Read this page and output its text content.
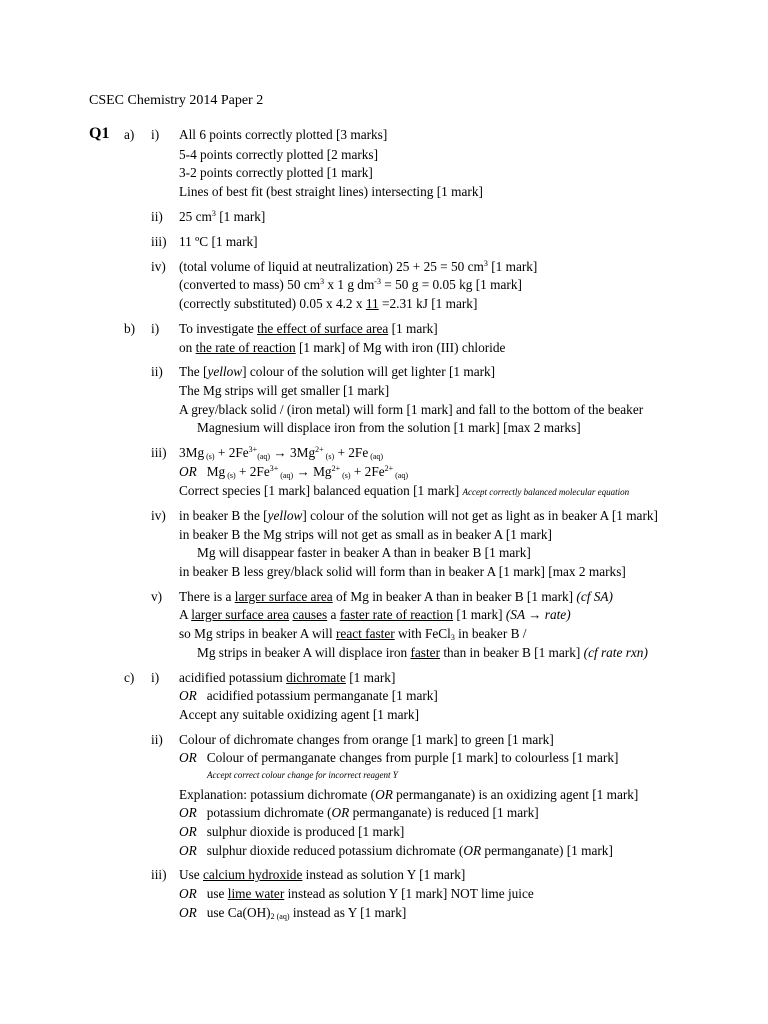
CSEC Chemistry 2014 Paper 2
Q1 a) i) All 6 points correctly plotted [3 marks]
5-4 points correctly plotted [2 marks]
3-2 points correctly plotted [1 mark]
Lines of best fit (best straight lines) intersecting [1 mark]
ii) 25 $cm^3$ [1 mark]
iii) 11 ºC [1 mark]
iv) (total volume of liquid at neutralization) 25 + 25 = 50 $cm^3$ [1 mark]
(converted to mass) 50 $cm^3$ x 1 g $dm^{-3} = 50$ g = 0.05 kg [1 mark]
(correctly substituted) 0.05 x 4.2 x 11 =2.31 kJ [1 mark]
b) i) To investigate the effect of surface area [1 mark]
on the rate of reaction [1 mark] of Mg with iron (III) chloride
ii) The [yellow] colour of the solution will get lighter [1 mark]
The Mg strips will get smaller [1 mark]
A grey/black solid / (iron metal) will form [1 mark] and fall to the bottom of the beaker
Magnesium will displace iron from the solution [1 mark] [max 2 marks]
iii) 3Mg $_{(s)} + 2Fe^{3+}_{(aq)} \to 3Mg^{2+}$ $_{(s)}$ + 2Fe $_{(aq)}$
OR   Mg $_{(s)} + 2Fe^{3+}$ $_{(aq)} \to Mg^{2+}$ $_{(s)} + 2Fe^{2+}$ $_{(aq)}$
Correct species [1 mark] balanced equation [1 mark] Accept correctly balanced molecular equation
iv) in beaker B the [yellow] colour of the solution will not get as light as in beaker A [1 mark]
in beaker B the Mg strips will not get as small as in beaker A [1 mark]
Mg will disappear faster in beaker A than in beaker B [1 mark]
in beaker B less grey/black solid will form than in beaker A [1 mark] [max 2 marks]
v) There is a larger surface area of Mg in beaker A than in beaker B [1 mark] (cf SA)
A larger surface area causes a faster rate of reaction [1 mark] (SA → rate)
so Mg strips in beaker A will react faster with FeCl$_3$ in beaker B /
Mg strips in beaker A will displace iron faster than in beaker B [1 mark] (cf rate rxn)
c) i) acidified potassium dichromate [1 mark]
OR acidified potassium permanganate [1 mark]
Accept any suitable oxidizing agent [1 mark]
ii) Colour of dichromate changes from orange [1 mark] to green [1 mark]
OR Colour of permanganate changes from purple [1 mark] to colourless [1 mark]
Accept correct colour change for incorrect reagent Y
Explanation: potassium dichromate (OR permanganate) is an oxidizing agent [1 mark]
OR potassium dichromate (OR permanganate) is reduced [1 mark]
OR sulphur dioxide is produced [1 mark]
OR sulphur dioxide reduced potassium dichromate (OR permanganate) [1 mark]
iii) Use calcium hydroxide instead as solution Y [1 mark]
OR use lime water instead as solution Y [1 mark] NOT lime juice
OR use $Ca(OH)_{2 (aq)}$ instead as Y [1 mark]
